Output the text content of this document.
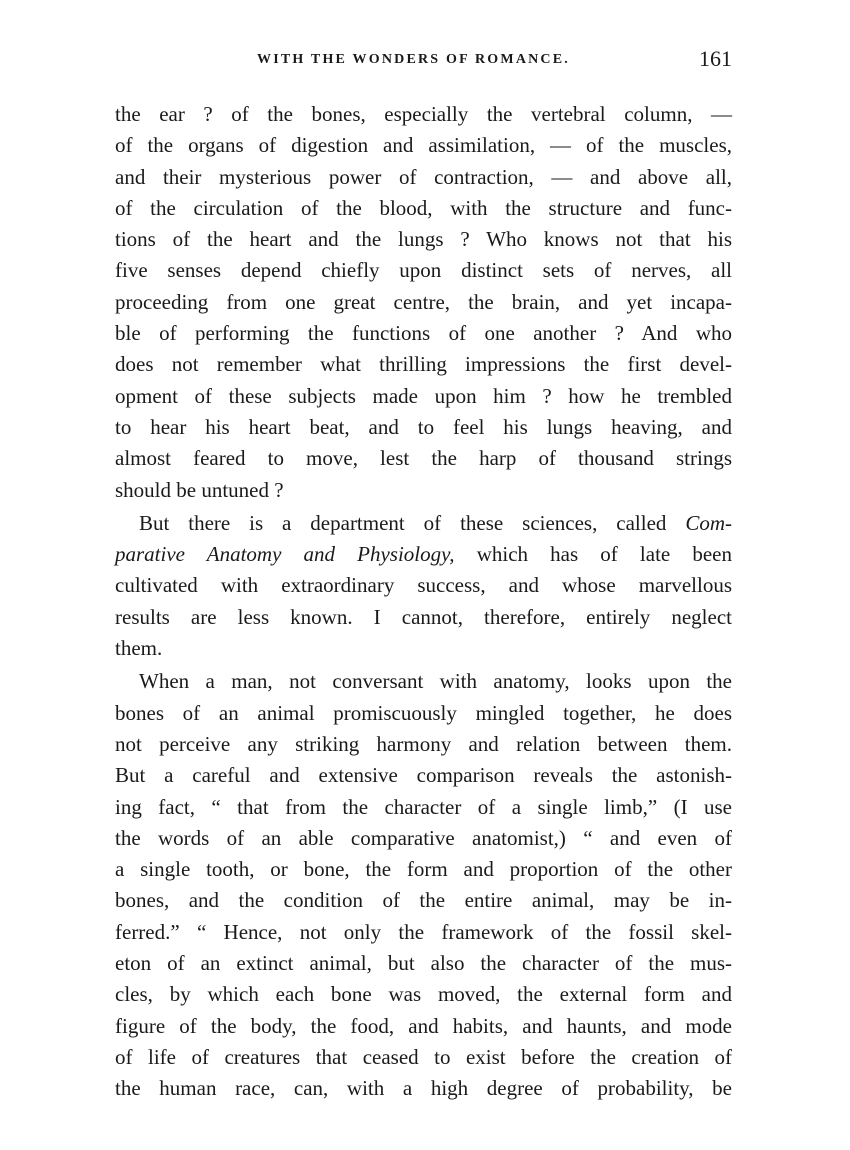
WITH THE WONDERS OF ROMANCE.	161
the ear ? of the bones, especially the vertebral column, —
of the organs of digestion and assimilation, — of the muscles,
and their mysterious power of contraction, — and above all,
of the circulation of the blood, with the structure and func-
tions of the heart and the lungs ? Who knows not that his
five senses depend chiefly upon distinct sets of nerves, all
proceeding from one great centre, the brain, and yet incapa-
ble of performing the functions of one another ? And who
does not remember what thrilling impressions the first devel-
opment of these subjects made upon him ? how he trembled
to hear his heart beat, and to feel his lungs heaving, and
almost feared to move, lest the harp of thousand strings
should be untuned ?
But there is a department of these sciences, called Com-
parative Anatomy and Physiology, which has of late been
cultivated with extraordinary success, and whose marvellous
results are less known. I cannot, therefore, entirely neglect
them.
When a man, not conversant with anatomy, looks upon the
bones of an animal promiscuously mingled together, he does
not perceive any striking harmony and relation between them.
But a careful and extensive comparison reveals the astonish-
ing fact, “ that from the character of a single limb,” (I use
the words of an able comparative anatomist,) “ and even of
a single tooth, or bone, the form and proportion of the other
bones, and the condition of the entire animal, may be in-
ferred.” “ Hence, not only the framework of the fossil skel-
eton of an extinct animal, but also the character of the mus-
cles, by which each bone was moved, the external form and
figure of the body, the food, and habits, and haunts, and mode
of life of creatures that ceased to exist before the creation of
the human race, can, with a high degree of probability, be
